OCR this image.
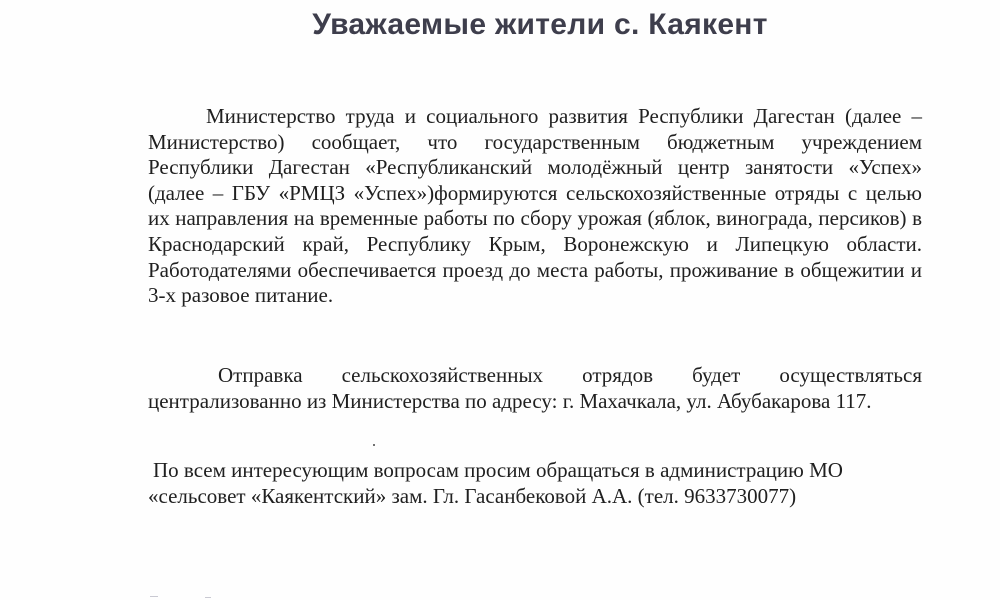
Уважаемые жители с. Каякент

Министерство труда и социального развития Республики Дагестан (далее – Министерство) сообщает, что государственным бюджетным учреждением Республики Дагестан «Республиканский молодёжный центр занятости «Успех» (далее – ГБУ «РМЦЗ «Успех»)формируются сельскохозяйственные отряды с целью их направления на временные работы по сбору урожая (яблок, винограда, персиков) в Краснодарский край, Республику Крым, Воронежскую и Липецкую области. Работодателями обеспечивается проезд до места работы, проживание в общежитии и 3-х разовое питание.

Отправка сельскохозяйственных отрядов будет осуществляться централизованно из Министерства по адресу: г. Махачкала, ул. Абубакарова 117.

По всем интересующим вопросам просим обращаться в администрацию МО «сельсовет «Каякентский» зам. Гл. Гасанбековой А.А. (тел. 9633730077)
